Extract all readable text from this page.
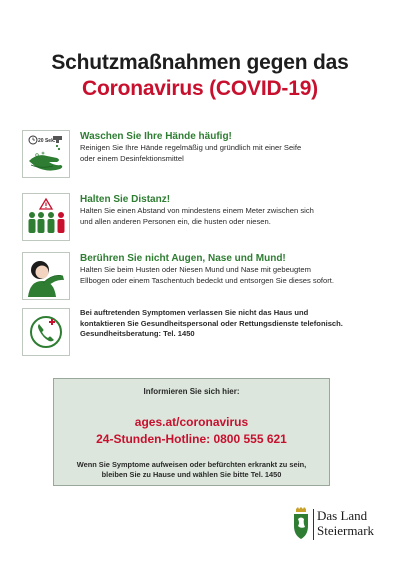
Schutzmaßnahmen gegen das
Coronavirus (COVID-19)
20 Sek. Waschen Sie Ihre Hände häufig!
Reinigen Sie Ihre Hände regelmäßig und gründlich mit einer Seife
oder einem Desinfektionsmittel
Halten Sie Distanz!
Halten Sie einen Abstand von mindestens einem Meter zwischen sich
und allen anderen Personen ein, die husten oder niesen.
Berühren Sie nicht Augen, Nase und Mund!
Halten Sie beim Husten oder Niesen Mund und Nase mit gebeugtem
Ellbogen oder einem Taschentuch bedeckt und entsorgen Sie dieses sofort.
Bei auftretenden Symptomen verlassen Sie nicht das Haus und
kontaktieren Sie Gesundheitspersonal oder Rettungsdienste telefonisch.
Gesundheitsberatung: Tel. 1450
Informieren Sie sich hier:
ages.at/coronavirus
24-Stunden-Hotline: 0800 555 621
Wenn Sie Symptome aufweisen oder befürchten erkrankt zu sein,
bleiben Sie zu Hause und wählen Sie bitte Tel. 1450
Das Land
Steiermark
